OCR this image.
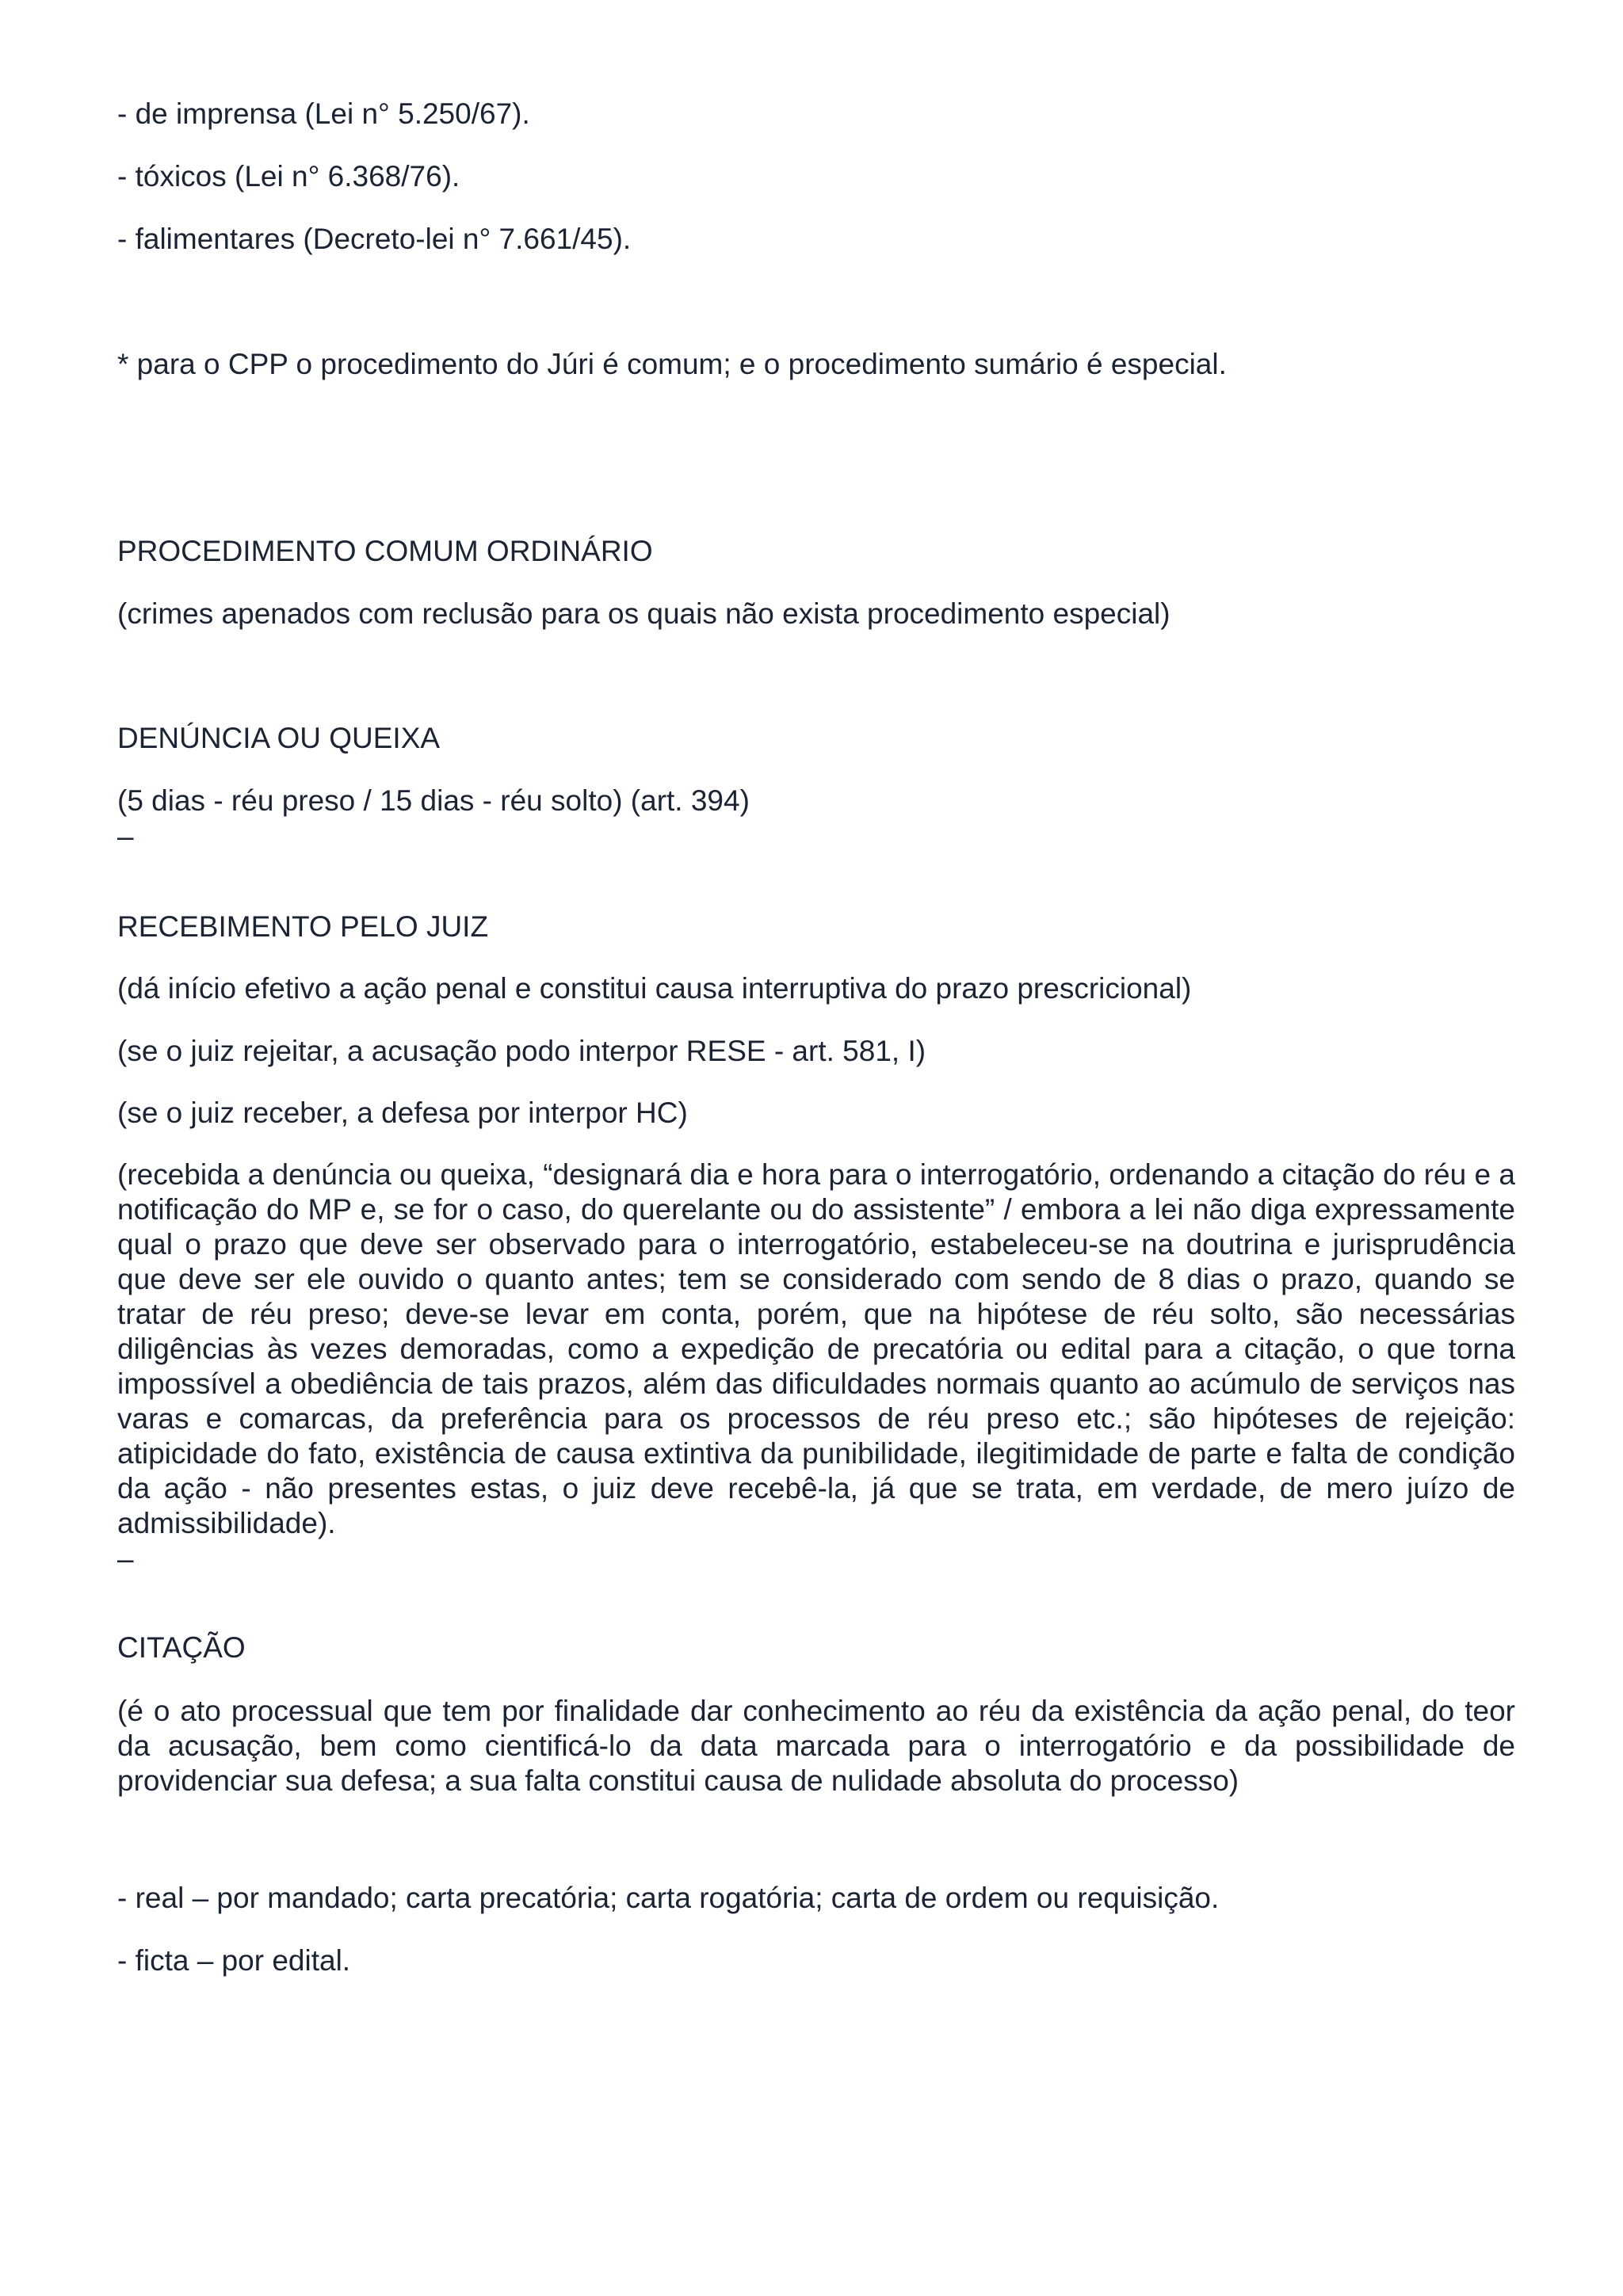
- de imprensa (Lei n° 5.250/67).

- tóxicos (Lei n° 6.368/76).

- falimentares (Decreto-lei n° 7.661/45).

* para o CPP o procedimento do Júri é comum; e o procedimento sumário é especial.

PROCEDIMENTO COMUM ORDINÁRIO

(crimes apenados com reclusão para os quais não exista procedimento especial)

DENÚNCIA OU QUEIXA

(5 dias - réu preso / 15 dias - réu solto) (art. 394)

–

RECEBIMENTO PELO JUIZ

(dá início efetivo a ação penal e constitui causa interruptiva do prazo prescricional)

(se o juiz rejeitar, a acusação podo interpor RESE - art. 581, I)

(se o juiz receber, a defesa por interpor HC)

(recebida a denúncia ou queixa, “designará dia e hora para o interrogatório, ordenando a citação do réu e a notificação do MP e, se for o caso, do querelante ou do assistente” / embora a lei não diga expressamente qual o prazo que deve ser observado para o interrogatório, estabeleceu-se na doutrina e jurisprudência que deve ser ele ouvido o quanto antes; tem se considerado com sendo de 8 dias o prazo, quando se tratar de réu preso; deve-se levar em conta, porém, que na hipótese de réu solto, são necessárias diligências às vezes demoradas, como a expedição de precatória ou edital para a citação, o que torna impossível a obediência de tais prazos, além das dificuldades normais quanto ao acúmulo de serviços nas varas e comarcas, da preferência para os processos de réu preso etc.; são hipóteses de rejeição: atipicidade do fato, existência de causa extintiva da punibilidade, ilegitimidade de parte e falta de condição da ação - não presentes estas, o juiz deve recebê-la, já que se trata, em verdade, de mero juízo de admissibilidade).

–

CITAÇÃO

(é o ato processual que tem por finalidade dar conhecimento ao réu da existência da ação penal, do teor da acusação, bem como cientificá-lo da data marcada para o interrogatório e da possibilidade de providenciar sua defesa; a sua falta constitui causa de nulidade absoluta do processo)

- real – por mandado; carta precatória; carta rogatória; carta de ordem ou requisição.

- ficta – por edital.
